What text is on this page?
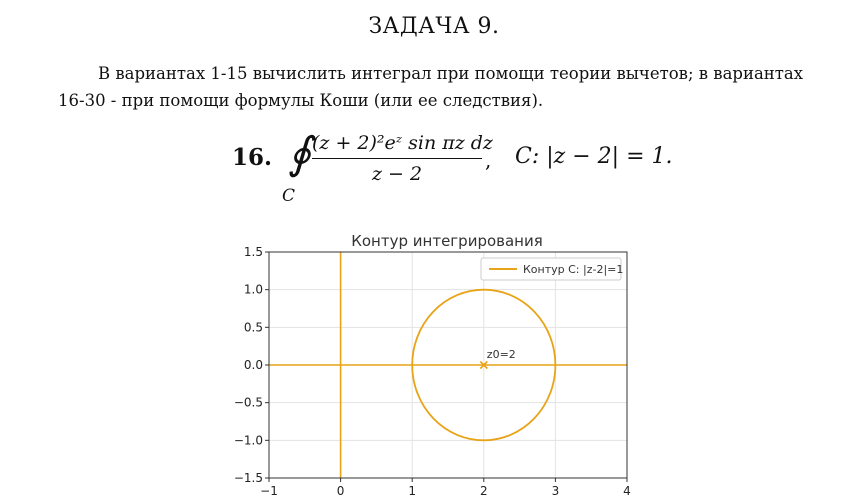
ЗАДАЧА 9.
В вариантах 1-15 вычислить интеграл при помощи теории вычетов; в вариантах 16-30 - при помощи формулы Коши (или ее следствия).
16. ∮
C
$\frac{\text{(z + 2)²eᶻ sin πz dz}}{z - 2}$ , C: |z − 2| = 1.
Контур интегрирования
z0=2
−1	0	1	2	3	4
1.5
1.0
0.5
0.0
−0.5
−1.0
−1.5
Контур C: |z-2|=1
